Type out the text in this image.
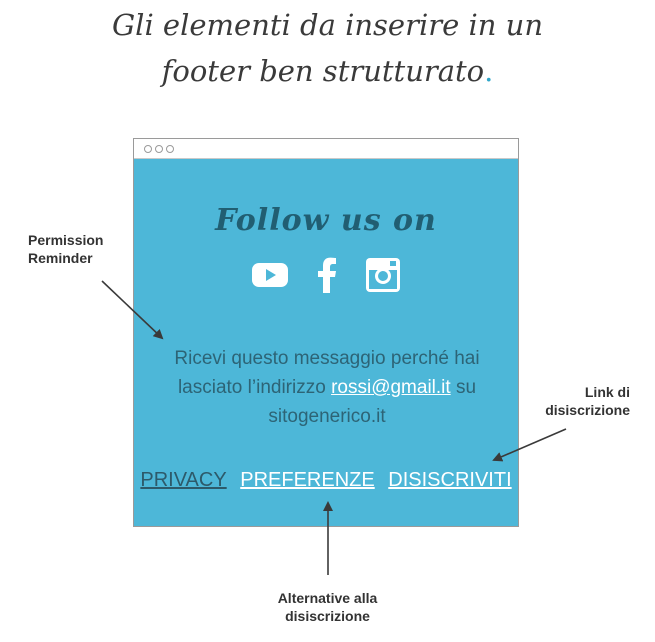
Gli elementi da inserire in un
footer ben strutturato.
Follow us on

Ricevi questo messaggio perché hai
lasciato l’indirizzo rossi@gmail.it su
sitogenerico.it
PRIVACY PREFERENZE DISISCRIVITI
Permission
Reminder
Link di
disiscrizione
Alternative alla
disiscrizione
